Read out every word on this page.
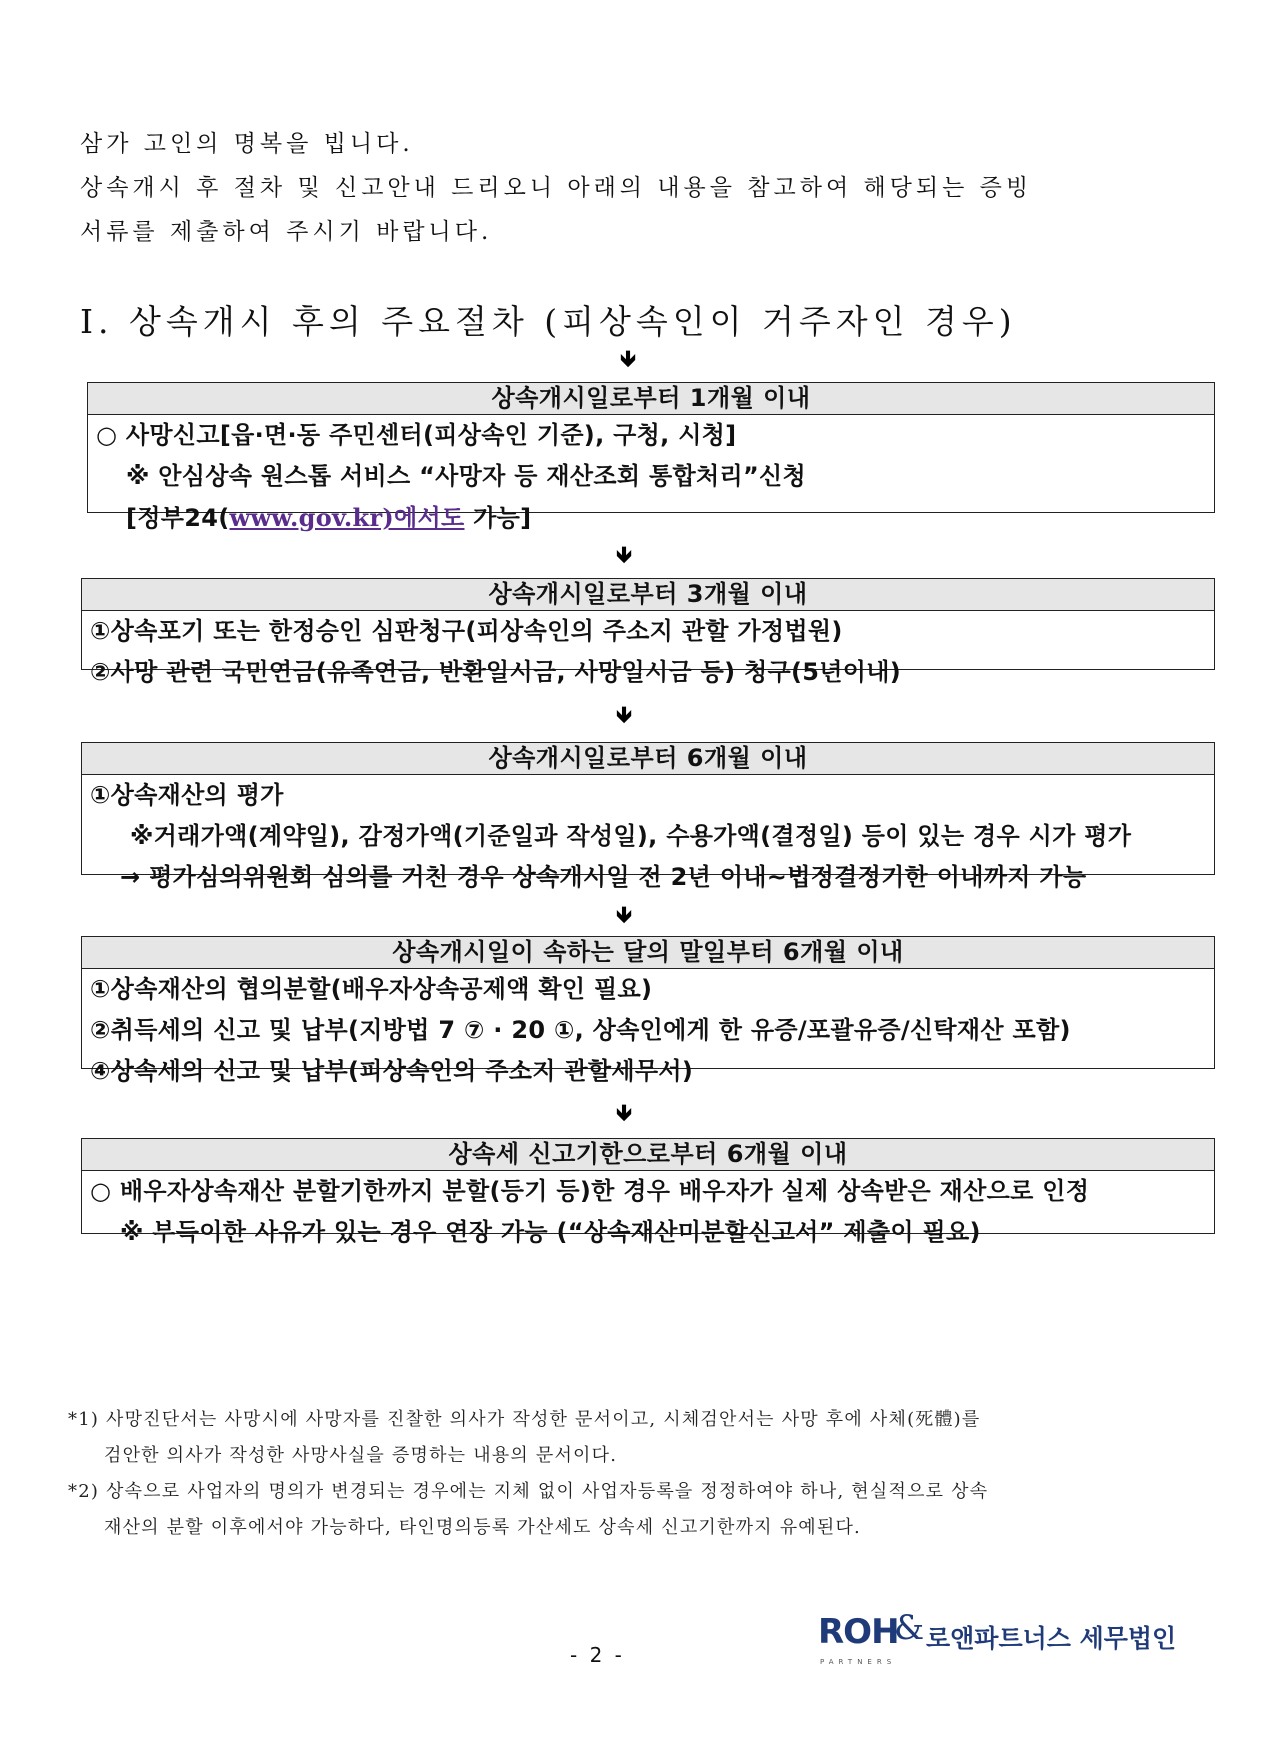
삼가 고인의 명복을 빕니다.

상속개시 후 절차 및 신고안내 드리오니 아래의 내용을 참고하여 해당되는 증빙

서류를 제출하여 주시기 바랍니다.

Ⅰ. 상속개시 후의 주요절차 (피상속인이 거주자인 경우)
🡻
상속개시일로부터 1개월 이내
○ 사망신고[읍·면·동 주민센터(피상속인 기준), 구청, 시청]
※ 안심상속 원스톱 서비스 “사망자 등 재산조회 통합처리”신청
[정부24(www.gov.kr)에서도 가능]
🡻
상속개시일로부터 3개월 이내
①상속포기 또는 한정승인 심판청구(피상속인의 주소지 관할 가정법원)
②사망 관련 국민연금(유족연금, 반환일시금, 사망일시금 등) 청구(5년이내)
🡻
상속개시일로부터 6개월 이내
①상속재산의 평가
※거래가액(계약일), 감정가액(기준일과 작성일), 수용가액(결정일) 등이 있는 경우 시가 평가
→ 평가심의위원회 심의를 거친 경우 상속개시일 전 2년 이내~법정결정기한 이내까지 가능
🡻
상속개시일이 속하는 달의 말일부터 6개월 이내
①상속재산의 협의분할(배우자상속공제액 확인 필요)
②취득세의 신고 및 납부(지방법 7 ⑦ · 20 ①, 상속인에게 한 유증/포괄유증/신탁재산 포함)
④상속세의 신고 및 납부(피상속인의 주소지 관할세무서)
🡻
상속세 신고기한으로부터 6개월 이내
○ 배우자상속재산 분할기한까지 분할(등기 등)한 경우 배우자가 실제 상속받은 재산으로 인정
※ 부득이한 사유가 있는 경우 연장 가능 (“상속재산미분할신고서” 제출이 필요)
*1) 사망진단서는 사망시에 사망자를 진찰한 의사가 작성한 문서이고, 시체검안서는 사망 후에 사체(死體)를
검안한 의사가 작성한 사망사실을 증명하는 내용의 문서이다.
*2) 상속으로 사업자의 명의가 변경되는 경우에는 지체 없이 사업자등록을 정정하여야 하나, 현실적으로 상속
재산의 분할 이후에서야 가능하다, 타인명의등록 가산세도 상속세 신고기한까지 유예된다.
- 2 -
ROH
&
PARTNERS
로앤파트너스 세무법인
